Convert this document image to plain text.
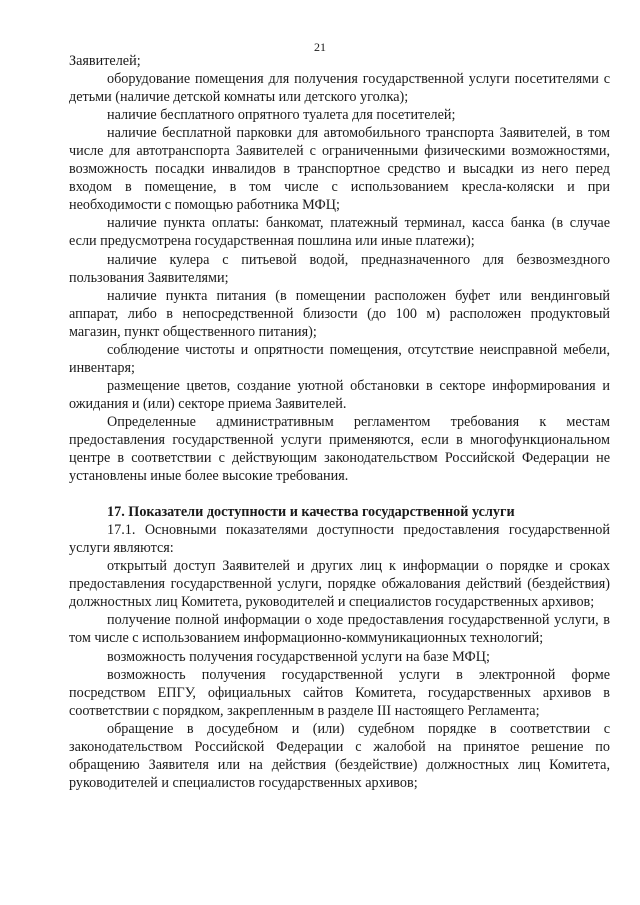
21

Заявителей;

оборудование помещения для получения государственной услуги посетителями с детьми (наличие детской комнаты или детского уголка);

наличие бесплатного опрятного туалета для посетителей;

наличие бесплатной парковки для автомобильного транспорта Заявителей, в том числе для автотранспорта Заявителей с ограниченными физическими возможностями, возможность посадки инвалидов в транспортное средство и высадки из него перед входом в помещение, в том числе с использованием кресла-коляски и при необходимости с помощью работника МФЦ;

наличие пункта оплаты: банкомат, платежный терминал, касса банка (в случае если предусмотрена государственная пошлина или иные платежи);

наличие кулера с питьевой водой, предназначенного для безвозмездного пользования Заявителями;

наличие пункта питания (в помещении расположен буфет или вендинговый аппарат, либо в непосредственной близости (до 100 м) расположен продуктовый магазин, пункт общественного питания);

соблюдение чистоты и опрятности помещения, отсутствие неисправной мебели, инвентаря;

размещение цветов, создание уютной обстановки в секторе информирования и ожидания и (или) секторе приема Заявителей.

Определенные административным регламентом требования к местам предоставления государственной услуги применяются, если в многофункциональном центре в соответствии с действующим законодательством Российской Федерации не установлены иные более высокие требования.

17. Показатели доступности и качества государственной услуги

17.1. Основными показателями доступности предоставления государственной услуги являются:

открытый доступ Заявителей и других лиц к информации о порядке и сроках предоставления государственной услуги, порядке обжалования действий (бездействия) должностных лиц Комитета, руководителей и специалистов государственных архивов;

получение полной информации о ходе предоставления государственной услуги, в том числе с использованием информационно-коммуникационных технологий;

возможность получения государственной услуги на базе МФЦ;

возможность получения государственной услуги в электронной форме посредством ЕПГУ, официальных сайтов Комитета, государственных архивов в соответствии с порядком, закрепленным в разделе III настоящего Регламента;

обращение в досудебном и (или) судебном порядке в соответствии с законодательством Российской Федерации с жалобой на принятое решение по обращению Заявителя или на действия (бездействие) должностных лиц Комитета, руководителей и специалистов государственных архивов;
